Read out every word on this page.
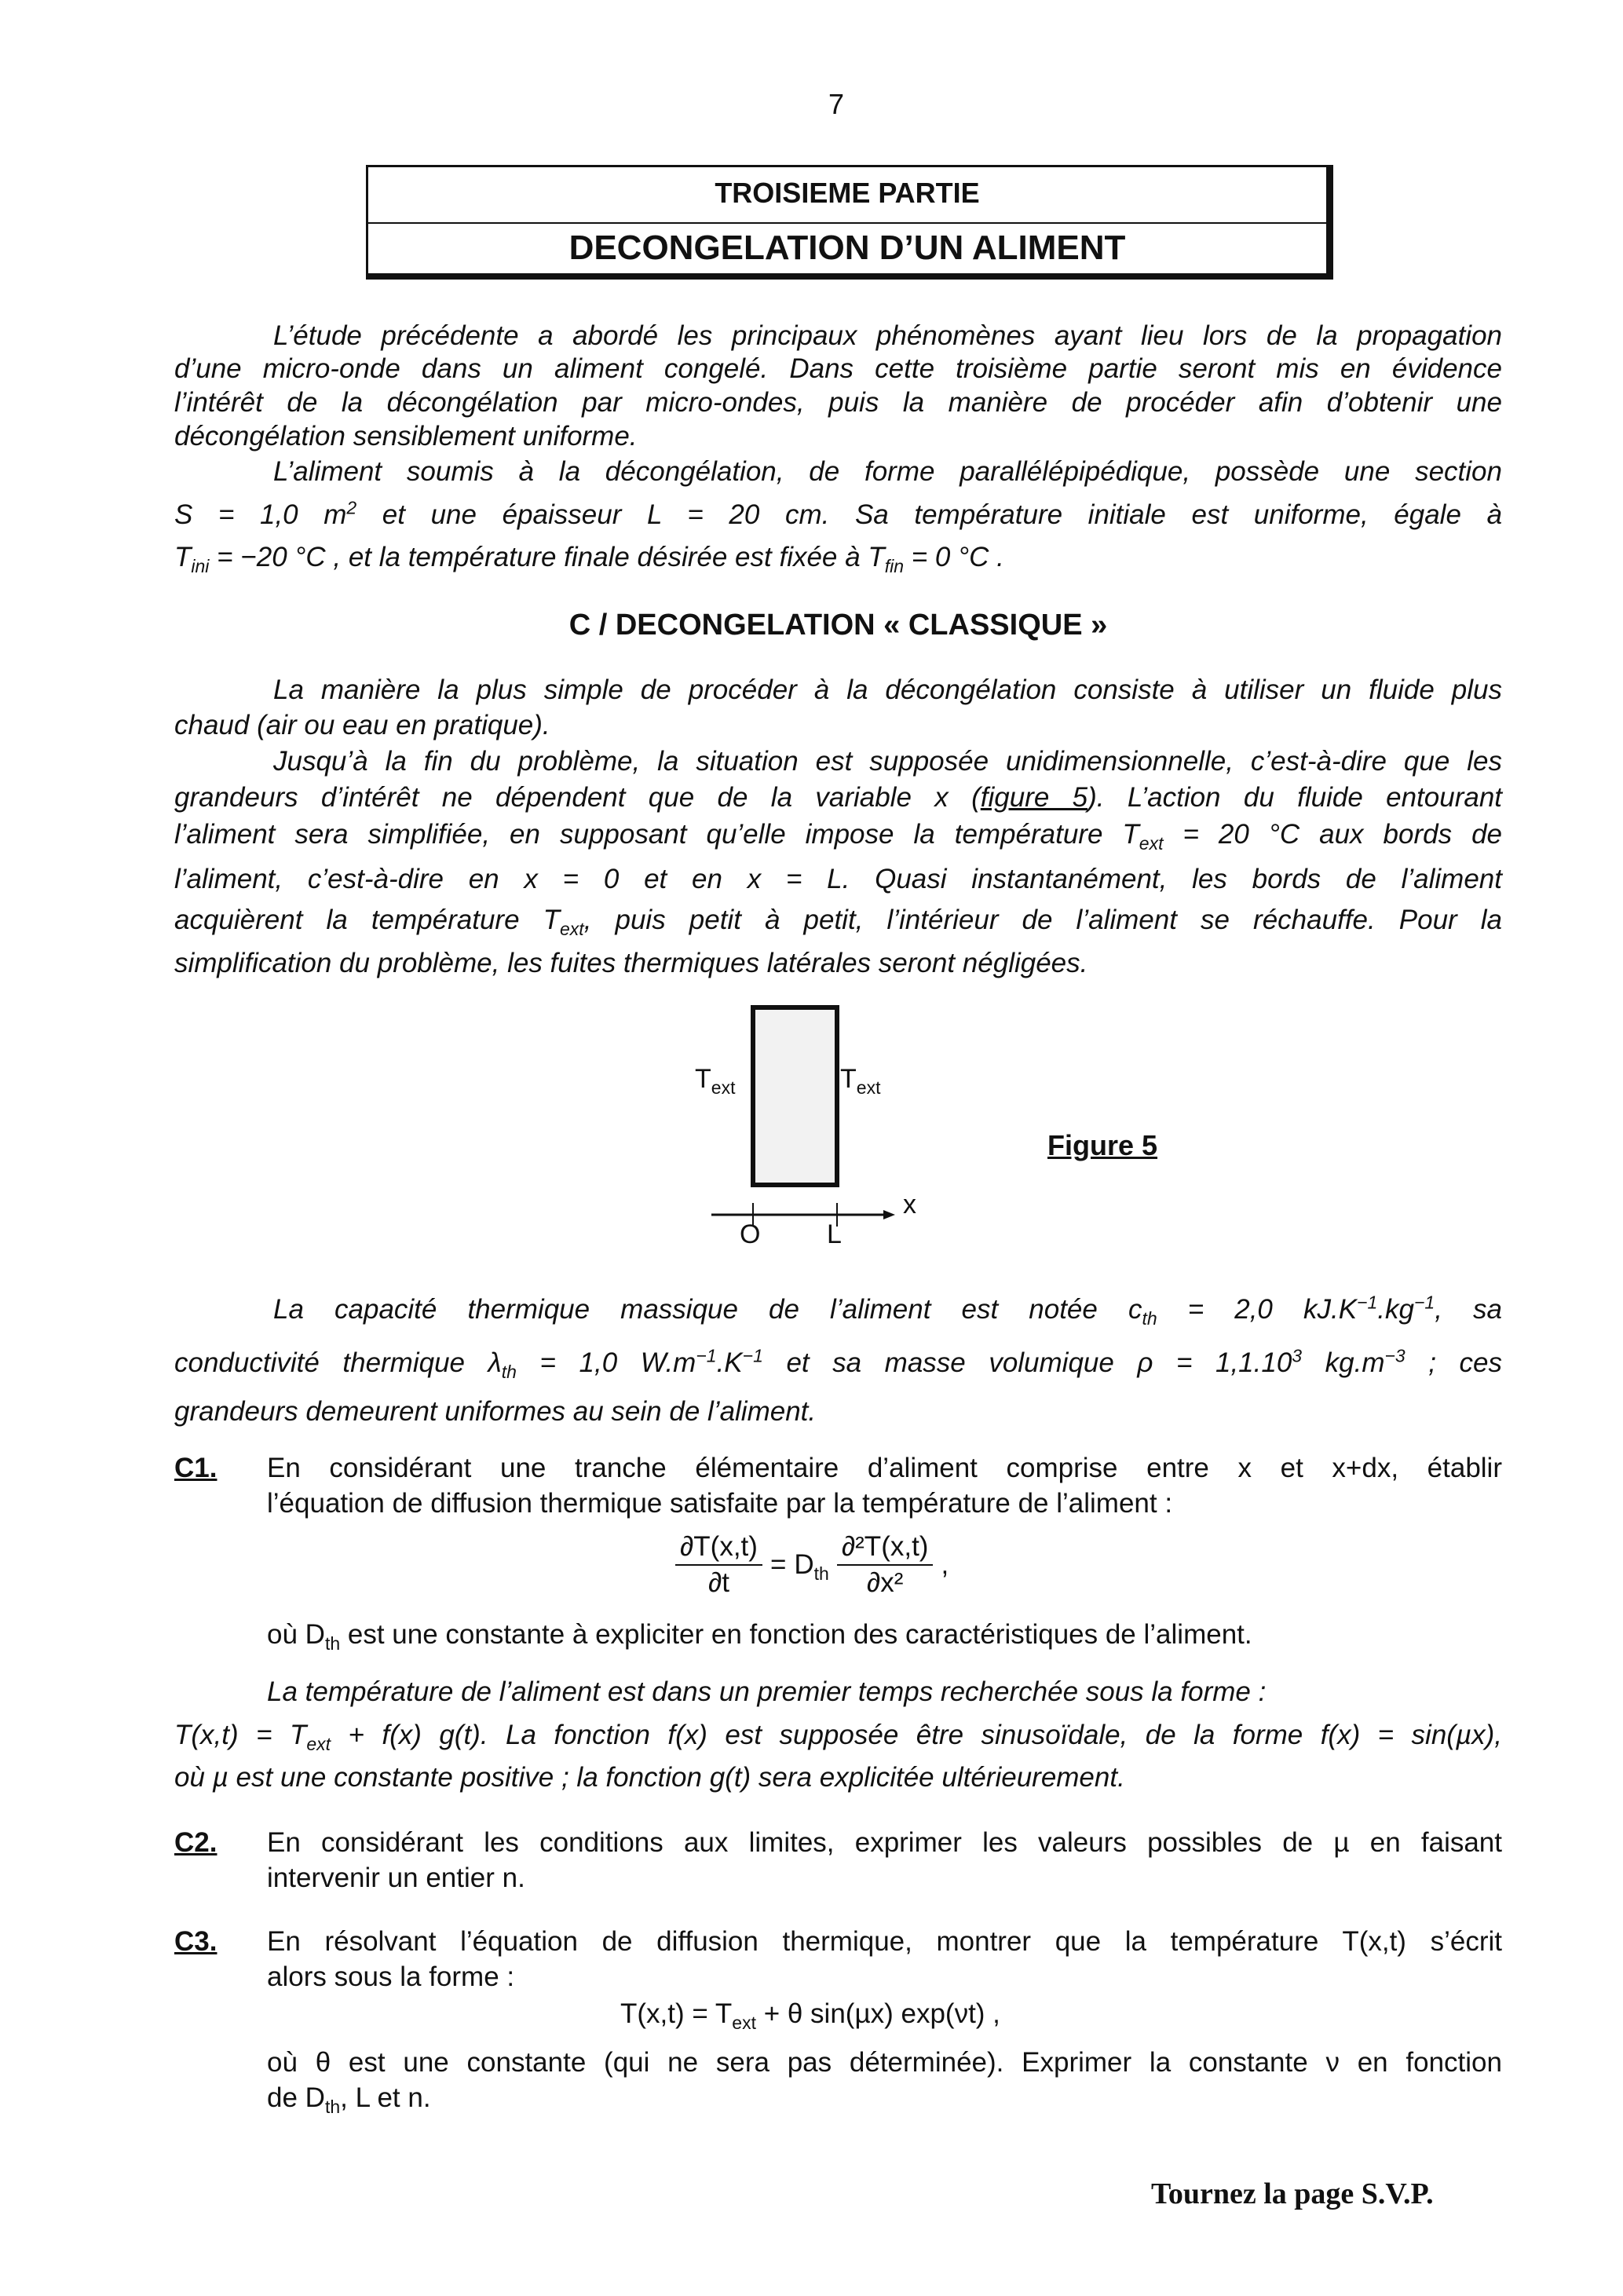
7
TROISIEME PARTIE
DECONGELATION D’UN ALIMENT
L’étude précédente a abordé les principaux phénomènes ayant lieu lors de la propagation
d’une micro-onde dans un aliment congelé. Dans cette troisième partie seront mis en évidence
l’intérêt de la décongélation par micro-ondes, puis la manière de procéder afin d’obtenir une
décongélation sensiblement uniforme.
L’aliment soumis à la décongélation, de forme parallélépipédique, possède une section
S = 1,0 $m^2$ et une épaisseur L = 20 cm. Sa température initiale est uniforme, égale à
$T_{ini} = -20$ °C , et la température finale désirée est fixée à $T_{fin} = 0$ °C .
C / DECONGELATION « CLASSIQUE »
La manière la plus simple de procéder à la décongélation consiste à utiliser un fluide plus
chaud (air ou eau en pratique).
Jusqu’à la fin du problème, la situation est supposée unidimensionnelle, c’est-à-dire que les
grandeurs d’intérêt ne dépendent que de la variable x (figure 5). L’action du fluide entourant
l’aliment sera simplifiée, en supposant qu’elle impose la température $T_{ext} = 20$ °C aux bords de
l’aliment, c’est-à-dire en x = 0 et en x = L. Quasi instantanément, les bords de l’aliment
acquièrent la température $T_{ext}$, puis petit à petit, l’intérieur de l’aliment se réchauffe. Pour la
simplification du problème, les fuites thermiques latérales seront négligées.
$T_{ext}$	$T_{ext}$
x
O L
Figure 5
La capacité thermique massique de l’aliment est notée $c_{th} = 2,0$ $kJ.K^{-1}.kg^{-1}$, sa
conductivité thermique $\lambda_{th} = 1,0$ $W.m^{-1}.K^{-1}$ et sa masse volumique $\rho = 1,1.10^3$ $kg.m^{-3}$ ; ces
grandeurs demeurent uniformes au sein de l’aliment.
C1. En considérant une tranche élémentaire d’aliment comprise entre x et x+dx, établir
l’équation de diffusion thermique satisfaite par la température de l’aliment :
$\frac{\partial T(x,t)}{\partial t} = D_{th} \frac{\text{∂²T(x,t)}}{\text{∂x²}}$ ,
où $D_{th}$ est une constante à expliciter en fonction des caractéristiques de l’aliment.
La température de l’aliment est dans un premier temps recherchée sous la forme :
$T(x,t) = T_{ext} + f(x)$ g(t). La fonction f(x) est supposée être sinusoïdale, de la forme f(x) = sin(µx),
où µ est une constante positive ; la fonction g(t) sera explicitée ultérieurement.
C2. En considérant les conditions aux limites, exprimer les valeurs possibles de µ en faisant
intervenir un entier n.
C3. En résolvant l’équation de diffusion thermique, montrer que la température T(x,t) s’écrit
alors sous la forme :
$T(x,t) = T_{ext} + \theta$ sin(µx) exp(νt) ,
où θ est une constante (qui ne sera pas déterminée). Exprimer la constante ν en fonction
de $D_{th}$, L et n.
Tournez la page S.V.P.
